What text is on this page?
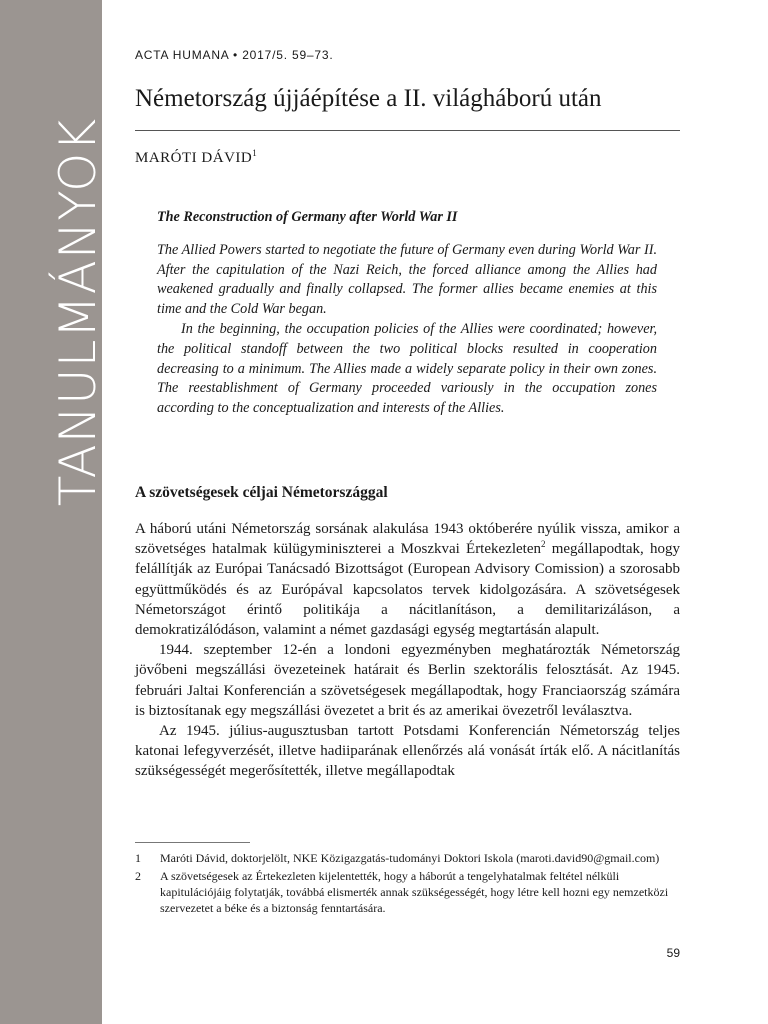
TANULMÁNYOK
ACTA HUMANA • 2017/5. 59–73.
Németország újjáépítése a II. világháború után
MARÓTI DÁVID$^1$

The Reconstruction of Germany after World War II

The Allied Powers started to negotiate the future of Germany even during World War II. After the capitulation of the Nazi Reich, the forced alliance among the Allies had weakened gradually and finally collapsed. The former allies became enemies at this time and the Cold War began.

In the beginning, the occupation policies of the Allies were coordinated; however, the political standoff between the two political blocks resulted in cooperation decreasing to a minimum. The Allies made a widely separate policy in their own zones. The reestablishment of Germany proceeded variously in the occupation zones according to the conceptualization and interests of the Allies.

A szövetségesek céljai Németországgal

A háború utáni Németország sorsának alakulása 1943 októberére nyúlik vissza, amikor a szövetséges hatalmak külügyminiszterei a Moszkvai Értekezleten$^2$ megállapodtak, hogy felállítják az Európai Tanácsadó Bizottságot (European Advisory Comission) a szorosabb együttműködés és az Európával kapcsolatos tervek kidolgozására. A szövetségesek Németországot érintő politikája a nácitlanításon, a demilitarizáláson, a demokratizálódáson, valamint a német gazdasági egység megtartásán alapult.

1944. szeptember 12-én a londoni egyezményben meghatározták Németország jövőbeni megszállási övezeteinek határait és Berlin szektorális felosztását. Az 1945. februári Jaltai Konferencián a szövetségesek megállapodtak, hogy Franciaország számára is biztosítanak egy megszállási övezetet a brit és az amerikai övezetről leválasztva.

Az 1945. július-augusztusban tartott Potsdami Konferencián Németország teljes katonai lefegyverzését, illetve hadiiparának ellenőrzés alá vonását írták elő. A nácitlanítás szükségességét megerősítették, illetve megállapodtak

1 Maróti Dávid, doktorjelölt, NKE Közigazgatás-tudományi Doktori Iskola (maroti.david90@gmail.com)
2 A szövetségesek az Értekezleten kijelentették, hogy a háborút a tengelyhatalmak feltétel nélküli kapitulációjáig folytatják, továbbá elismerték annak szükségességét, hogy létre kell hozni egy nemzetközi szervezetet a béke és a biztonság fenntartására.
59
